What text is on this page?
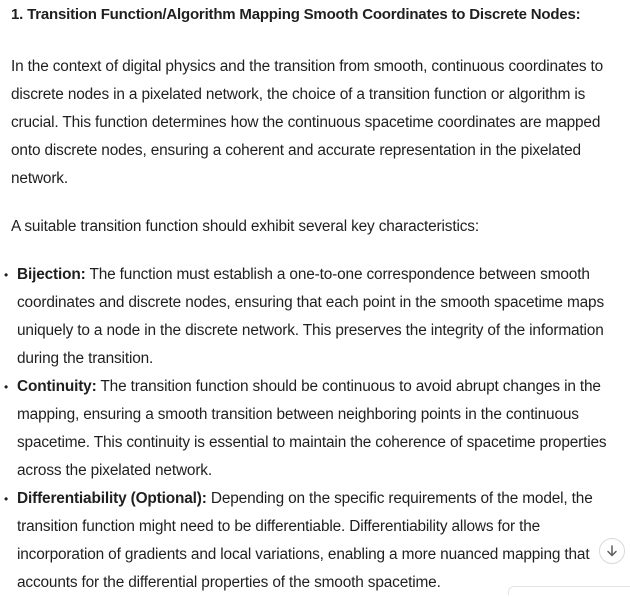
1. Transition Function/Algorithm Mapping Smooth Coordinates to Discrete Nodes:

In the context of digital physics and the transition from smooth, continuous coordinates to discrete nodes in a pixelated network, the choice of a transition function or algorithm is crucial. This function determines how the continuous spacetime coordinates are mapped onto discrete nodes, ensuring a coherent and accurate representation in the pixelated network.

A suitable transition function should exhibit several key characteristics:

• Bijection: The function must establish a one-to-one correspondence between smooth coordinates and discrete nodes, ensuring that each point in the smooth spacetime maps uniquely to a node in the discrete network. This preserves the integrity of the information during the transition.
• Continuity: The transition function should be continuous to avoid abrupt changes in the mapping, ensuring a smooth transition between neighboring points in the continuous spacetime. This continuity is essential to maintain the coherence of spacetime properties across the pixelated network.
• Differentiability (Optional): Depending on the specific requirements of the model, the transition function might need to be differentiable. Differentiability allows for the incorporation of gradients and local variations, enabling a more nuanced mapping that accounts for the differential properties of the smooth spacetime.
